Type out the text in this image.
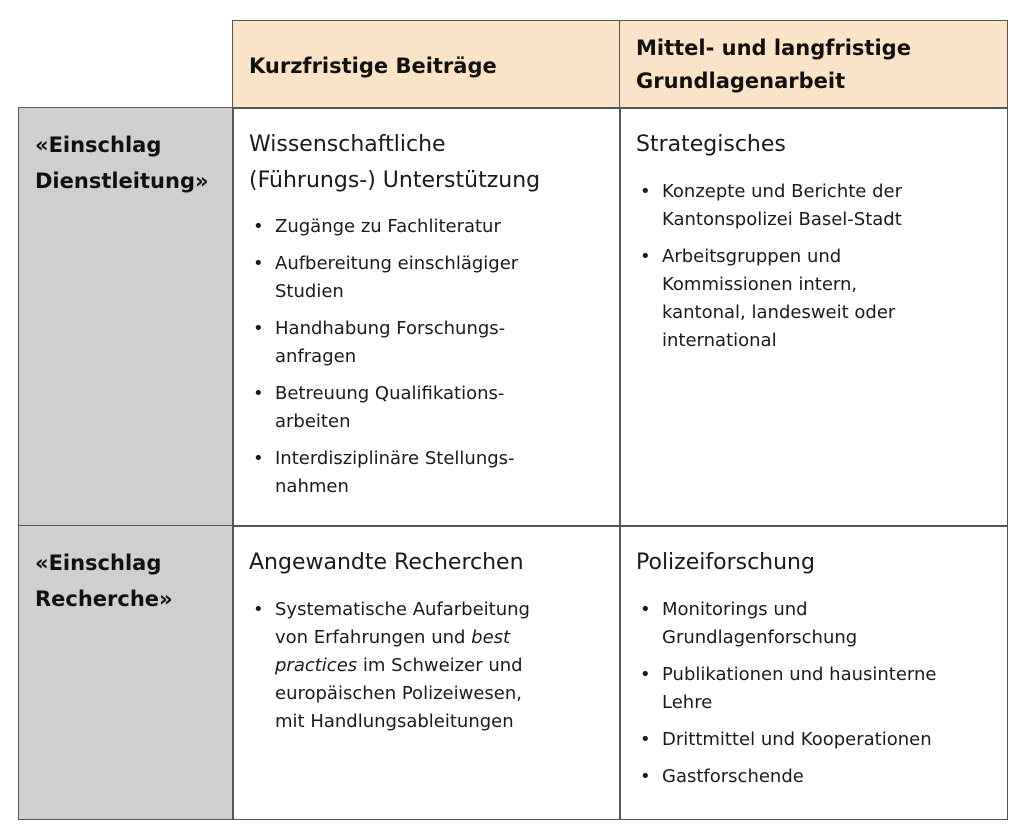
Kurzfristige Beiträge
Mittel- und langfristige
Grundlagenarbeit
«Einschlag
Dienstleitung»
Wissenschaftliche
(Führungs-) Unterstützung
• Zugänge zu Fachliteratur
• Aufbereitung einschlägiger
Studien
• Handhabung Forschungs-
anfragen
• Betreuung Qualifikations-
arbeiten
• Interdisziplinäre Stellungs-
nahmen
Strategisches
• Konzepte und Berichte der
Kantonspolizei Basel-Stadt
• Arbeitsgruppen und
Kommissionen intern,
kantonal, landesweit oder
international
«Einschlag
Recherche»
Angewandte Recherchen
• Systematische Aufarbeitung
von Erfahrungen und best
practices im Schweizer und
europäischen Polizeiwesen,
mit Handlungsableitungen
Polizeiforschung
• Monitorings und
Grundlagenforschung
• Publikationen und hausinterne
Lehre
• Drittmittel und Kooperationen
• Gastforschende
